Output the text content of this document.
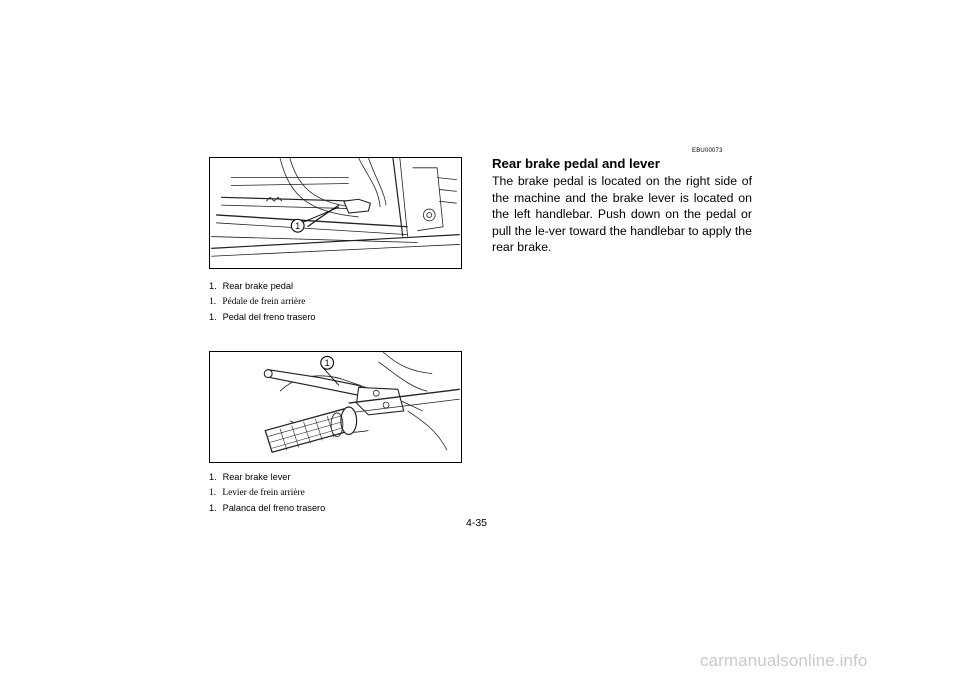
1
1. Rear brake pedal
1. Pédale de frein arrière
1. Pedal del freno trasero
1
1. Rear brake lever
1. Levier de frein arrière
1. Palanca del freno trasero
EBU00073
Rear brake pedal and lever
The brake pedal is located on the right side of the machine and the brake lever is located on the left handlebar. Push down on the pedal or pull the le-ver toward the handlebar to apply the rear brake.
4-35
carmanualsonline.info
